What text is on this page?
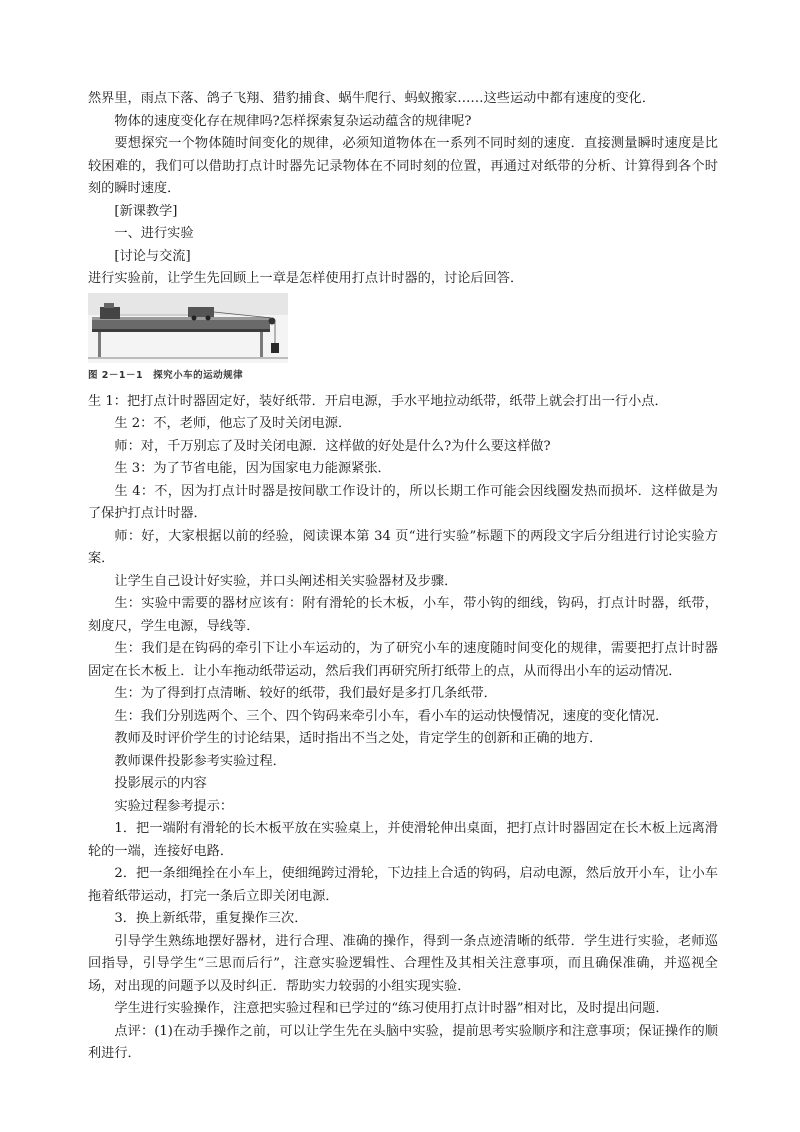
然界里，雨点下落、鸽子飞翔、猎豹捕食、蜗牛爬行、蚂蚁搬家……这些运动中都有速度的变化．

物体的速度变化存在规律吗?怎样探索复杂运动蕴含的规律呢?

要想探究一个物体随时间变化的规律，必须知道物体在一系列不同时刻的速度．直接测量瞬时速度是比较困难的，我们可以借助打点计时器先记录物体在不同时刻的位置，再通过对纸带的分析、计算得到各个时刻的瞬时速度．

[新课教学]

一、进行实验

[讨论与交流]

进行实验前，让学生先回顾上一章是怎样使用打点计时器的，讨论后回答．

图 2－1－1　探究小车的运动规律

生 1：把打点计时器固定好，装好纸带．开启电源，手水平地拉动纸带，纸带上就会打出一行小点．

生 2：不，老师，他忘了及时关闭电源．

师：对，千万别忘了及时关闭电源．这样做的好处是什么?为什么要这样做?

生 3：为了节省电能，因为国家电力能源紧张．

生 4：不，因为打点计时器是按间歇工作设计的，所以长期工作可能会因线圈发热而损坏．这样做是为了保护打点计时器．

师：好，大家根据以前的经验，阅读课本第 34 页“进行实验”标题下的两段文字后分组进行讨论实验方案．

让学生自己设计好实验，并口头阐述相关实验器材及步骤．

生：实验中需要的器材应该有：附有滑轮的长木板，小车，带小钩的细线，钩码，打点计时器，纸带，刻度尺，学生电源，导线等．

生：我们是在钩码的牵引下让小车运动的，为了研究小车的速度随时间变化的规律，需要把打点计时器固定在长木板上．让小车拖动纸带运动，然后我们再研究所打纸带上的点，从而得出小车的运动情况．

生：为了得到打点清晰、较好的纸带，我们最好是多打几条纸带．

生：我们分别选两个、三个、四个钩码来牵引小车，看小车的运动快慢情况，速度的变化情况．

教师及时评价学生的讨论结果，适时指出不当之处，肯定学生的创新和正确的地方．

教师课件投影参考实验过程．

投影展示的内容

实验过程参考提示：

1．把一端附有滑轮的长木板平放在实验桌上，并使滑轮伸出桌面，把打点计时器固定在长木板上远离滑轮的一端，连接好电路．

2．把一条细绳拴在小车上，使细绳跨过滑轮，下边挂上合适的钩码，启动电源，然后放开小车，让小车拖着纸带运动，打完一条后立即关闭电源．

3．换上新纸带，重复操作三次．

引导学生熟练地摆好器材，进行合理、准确的操作，得到一条点迹清晰的纸带．学生进行实验，老师巡回指导，引导学生“三思而后行”，注意实验逻辑性、合理性及其相关注意事项，而且确保准确，并巡视全场，对出现的问题予以及时纠正．帮助实力较弱的小组实现实验．

学生进行实验操作，注意把实验过程和已学过的“练习使用打点计时器”相对比，及时提出问题．

点评：(1)在动手操作之前，可以让学生先在头脑中实验，提前思考实验顺序和注意事项；保证操作的顺利进行．
